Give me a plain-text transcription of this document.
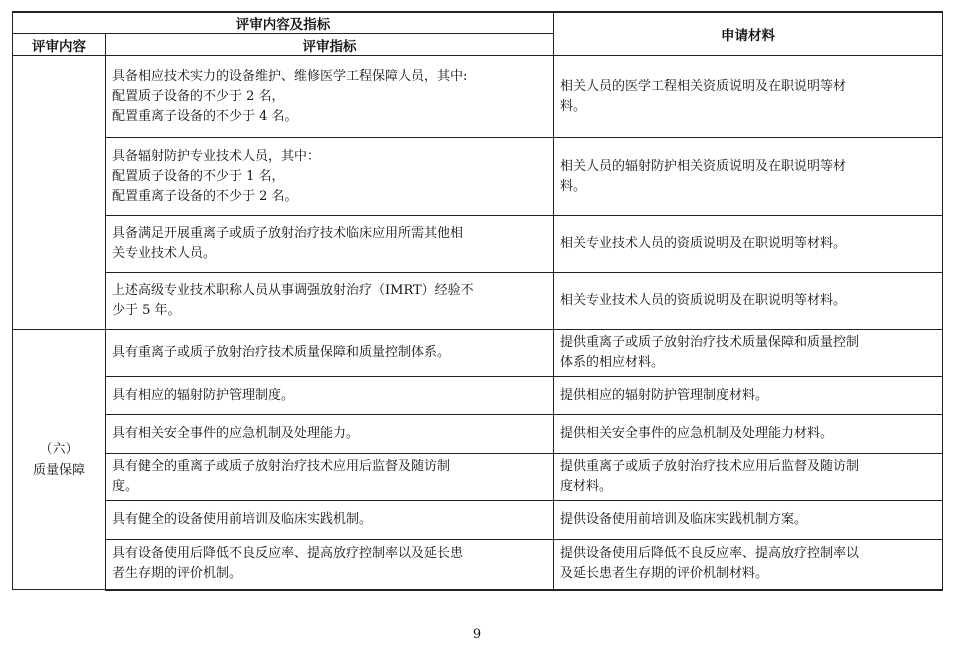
评审内容及指标		申请材料
评审内容	评审指标	

	具备相应技术实力的设备维护、维修医学工程保障人员，其中:
配置质子设备的不少于 2 名，
配置重离子设备的不少于 4 名。	相关人员的医学工程相关资质说明及在职说明等材
料。

	具备辐射防护专业技术人员，其中：
配置质子设备的不少于 1 名，
配置重离子设备的不少于 2 名。	相关人员的辐射防护相关资质说明及在职说明等材
料。

	具备满足开展重离子或质子放射治疗技术临床应用所需其他相
关专业技术人员。	相关专业技术人员的资质说明及在职说明等材料。

	上述高级专业技术职称人员从事调强放射治疗（IMRT）经验不
少于 5 年。	相关专业技术人员的资质说明及在职说明等材料。

（六）
质量保障	具有重离子或质子放射治疗技术质量保障和质量控制体系。	提供重离子或质子放射治疗技术质量保障和质量控制
体系的相应材料。

	具有相应的辐射防护管理制度。	提供相应的辐射防护管理制度材料。

	具有相关安全事件的应急机制及处理能力。	提供相关安全事件的应急机制及处理能力材料。

	具有健全的重离子或质子放射治疗技术应用后监督及随访制
度。	提供重离子或质子放射治疗技术应用后监督及随访制
度材料。

	具有健全的设备使用前培训及临床实践机制。	提供设备使用前培训及临床实践机制方案。

	具有设备使用后降低不良反应率、提高放疗控制率以及延长患
者生存期的评价机制。	提供设备使用后降低不良反应率、提高放疗控制率以
及延长患者生存期的评价机制材料。
9
